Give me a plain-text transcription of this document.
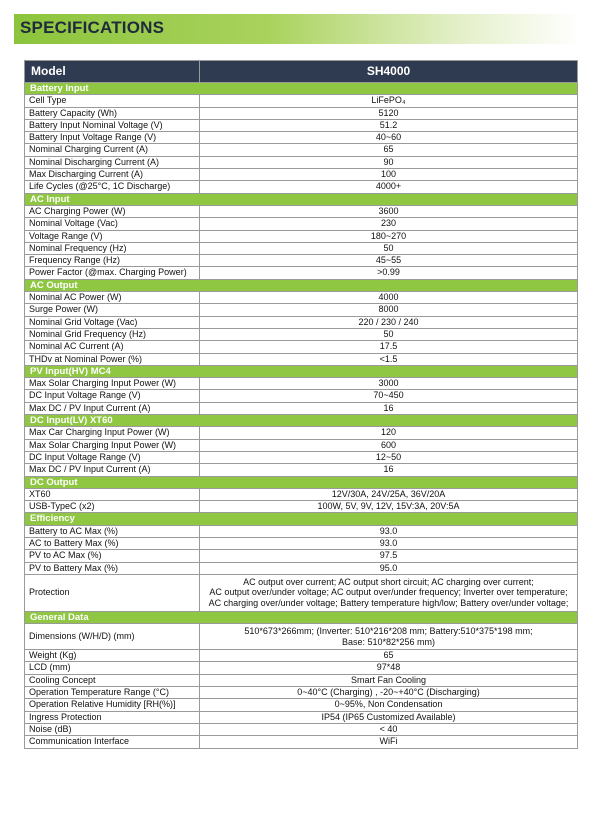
SPECIFICATIONS
Model	SH4000
Battery Input	
Cell Type	LiFePO₄
Battery Capacity (Wh)	5120
Battery Input Nominal Voltage (V)	51.2
Battery Input Voltage Range (V)	40~60
Nominal Charging Current (A)	65
Nominal Discharging Current (A)	90
Max Discharging Current (A)	100
Life Cycles (@25°C, 1C Discharge)	4000+
AC Input	
AC Charging Power (W)	3600
Nominal Voltage (Vac)	230
Voltage Range (V)	180~270
Nominal Frequency (Hz)	50
Frequency Range (Hz)	45~55
Power Factor (@max. Charging Power)	>0.99
AC Output	
Nominal AC Power (W)	4000
Surge Power (W)	8000
Nominal Grid Voltage (Vac)	220 / 230 / 240
Nominal Grid Frequency (Hz)	50
Nominal AC Current (A)	17.5
THDv at Nominal Power (%)	<1.5
PV Input(HV) MC4	
Max Solar Charging Input Power (W)	3000
DC Input Voltage Range (V)	70~450
Max DC / PV Input Current (A)	16
DC Input(LV) XT60	
Max Car Charging Input Power (W)	120
Max Solar Charging Input Power (W)	600
DC Input Voltage Range (V)	12~50
Max DC / PV Input Current (A)	16
DC Output	
XT60	12V/30A, 24V/25A, 36V/20A
USB-TypeC (x2)	100W, 5V, 9V, 12V, 15V:3A, 20V:5A
Efficiency	
Battery to AC Max (%)	93.0
AC to Battery Max (%)	93.0
PV to AC Max (%)	97.5
PV to Battery Max (%)	95.0
Protection	AC output over current; AC output short circuit; AC charging over current;
AC output over/under voltage; AC output over/under frequency; Inverter over temperature;
AC charging over/under voltage; Battery temperature high/low; Battery over/under voltage;

General Data	
Dimensions (W/H/D) (mm)	510*673*266mm; (Inverter: 510*216*208 mm; Battery:510*375*198 mm;
Base: 510*82*256 mm)

Weight (Kg)	65
LCD (mm)	97*48
Cooling Concept	Smart Fan Cooling
Operation Temperature Range (°C)	0~40°C (Charging) , -20~+40°C (Discharging)
Operation Relative Humidity [RH(%)]	0~95%, Non Condensation
Ingress Protection	IP54 (IP65 Customized Available)
Noise (dB)	< 40
Communication Interface	WiFi
